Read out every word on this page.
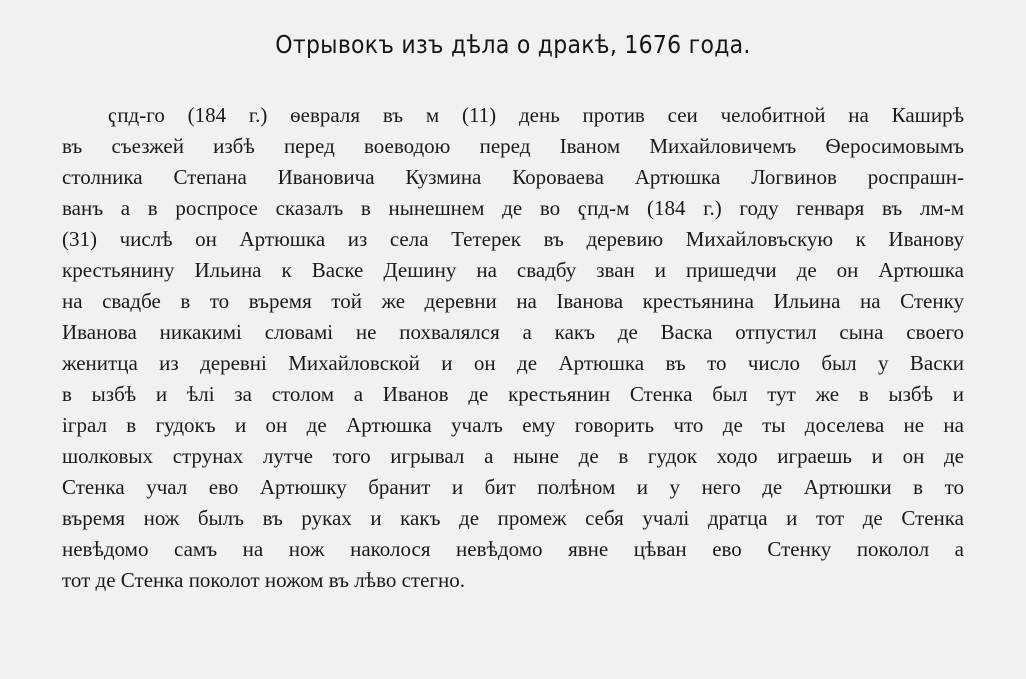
Отрывокъ изъ дѣла о дракѣ, 1676 года.
ҁпд-го (184 г.) ѳевраля въ м (11) день против сеи челобитной на Каширѣ
въ съезжей избѣ перед воеводою перед Іваном Михайловичемъ Ѳеросимовымъ
столника Степана Ивановича Кузмина Короваева Артюшка Логвинов роспрашн-
ванъ а в роспросе сказалъ в нынешнем де во ҁпд-м (184 г.) году генваря въ лм-м
(31) числѣ он Артюшка из села Тетерек въ деревию Михайловъскую к Иванову
крестьянину Ильина к Васке Дешину на свадбу зван и пришедчи де он Артюшка
на свадбе в то въремя той же деревни на Іванова крестьянина Ильина на Стенку
Иванова никакимі словамі не похвалялся а какъ де Васка отпустил сына своего
женитца из деревні Михайловской и он де Артюшка въ то число был у Васки
в ызбѣ и ѣлі за столом а Иванов де крестьянин Стенка был тут же в ызбѣ и
іграл в гудокъ и он де Артюшка учалъ ему говорить что де ты доселева не на
шолковых струнах лутче того игрывал а ныне де в гудок ходо играешь и он де
Стенка учал ево Артюшку бранит и бит полѣном и у него де Артюшки в то
въремя нож былъ въ руках и какъ де промеж себя учалі дратца и тот де Стенка
невѣдомо самъ на нож наколося невѣдомо явне цѣван ево Стенку поколол а
тот де Стенка поколот ножом въ лѣво стегно.
